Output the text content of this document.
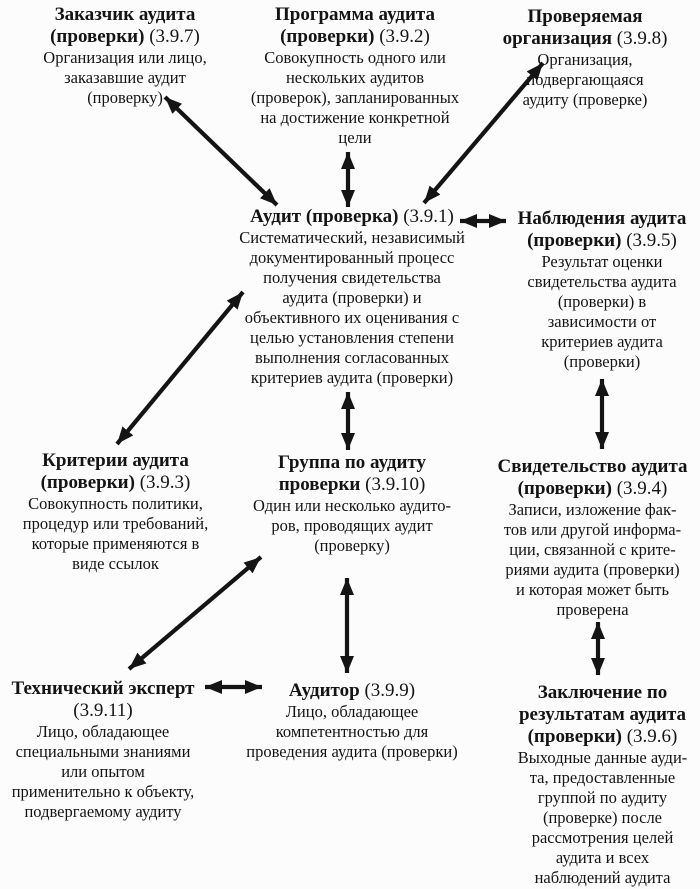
Заказчик аудита
(проверки) (3.9.7)
Организация или лицо,
заказавшие аудит
(проверку)
Программа аудита
(проверки) (3.9.2)
Совокупность одного или
нескольких аудитов
(проверок), запланированных
на достижение конкретной
цели
Проверяемая
организация (3.9.8)
Организация,
подвергающаяся
аудиту (проверке)
Аудит (проверка) (3.9.1)
Систематический, независимый
документированный процесс
получения свидетельства
аудита (проверки) и
объективного их оценивания с
целью установления степени
выполнения согласованных
критериев аудита (проверки)
Наблюдения аудита
(проверки) (3.9.5)
Результат оценки
свидетельства аудита
(проверки) в
зависимости от
критериев аудита
(проверки)
Критерии аудита
(проверки) (3.9.3)
Совокупность политики,
процедур или требований,
которые применяются в
виде ссылок
Группа по аудиту
проверки (3.9.10)
Один или несколько аудито-
ров, проводящих аудит
(проверку)
Свидетельство аудита
(проверки) (3.9.4)
Записи, изложение фак-
тов или другой информа-
ции, связанной с крите-
риями аудита (проверки)
и которая может быть
проверена
Технический эксперт
(3.9.11)
Лицо, обладающее
специальными знаниями
или опытом
применительно к объекту,
подвергаемому аудиту
Аудитор (3.9.9)
Лицо, обладающее
компетентностью для
проведения аудита (проверки)
Заключение по
результатам аудита
(проверки) (3.9.6)
Выходные данные ауди-
та, предоставленные
группой по аудиту
(проверке) после
рассмотрения целей
аудита и всех
наблюдений аудита
